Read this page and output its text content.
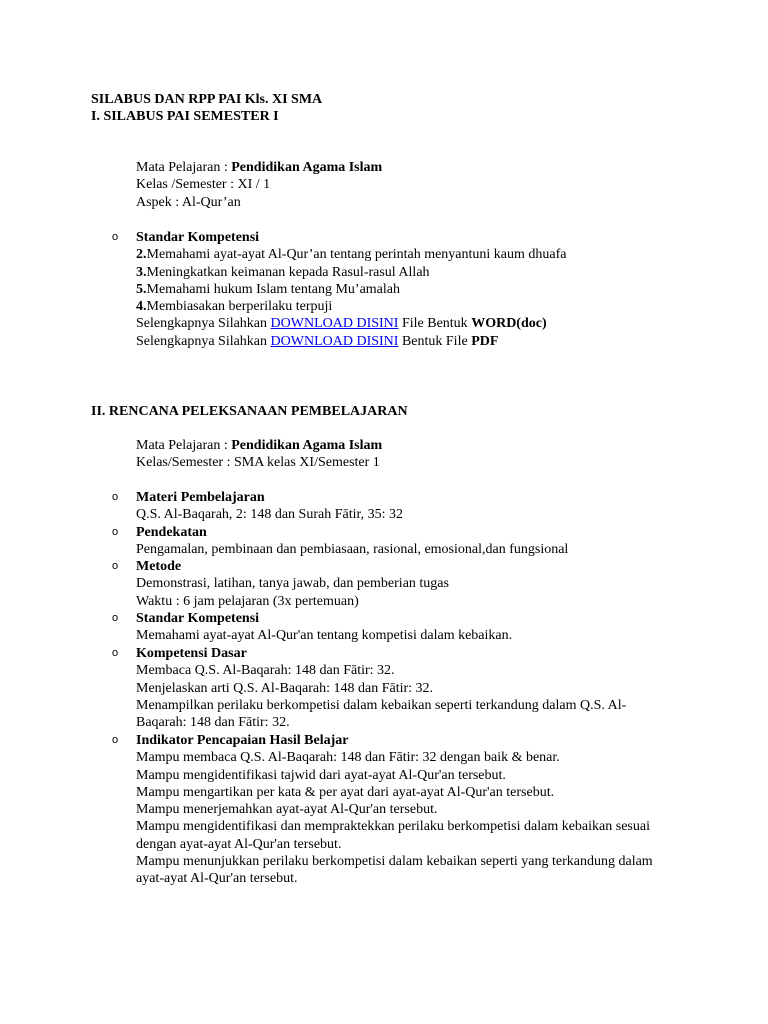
SILABUS DAN RPP PAI Kls. XI SMA
I. SILABUS PAI SEMESTER I
Mata Pelajaran : Pendidikan Agama Islam
Kelas /Semester : XI / 1
Aspek : Al-Qur’an
o Standar Kompetensi
2.Memahami ayat-ayat Al-Qur’an tentang perintah menyantuni kaum dhuafa
3.Meningkatkan keimanan kepada Rasul-rasul Allah
5.Memahami hukum Islam tentang Mu’amalah
4.Membiasakan berperilaku terpuji
Selengkapnya Silahkan DOWNLOAD DISINI File Bentuk WORD(doc)
Selengkapnya Silahkan DOWNLOAD DISINI Bentuk File PDF
II. RENCANA PELEKSANAAN PEMBELAJARAN
Mata Pelajaran : Pendidikan Agama Islam
Kelas/Semester : SMA kelas XI/Semester 1
o Materi Pembelajaran
Q.S. Al-Baqarah, 2: 148 dan Surah Fātir, 35: 32
o Pendekatan
Pengamalan, pembinaan dan pembiasaan, rasional, emosional,dan fungsional
o Metode
Demonstrasi, latihan, tanya jawab, dan pemberian tugas
Waktu : 6 jam pelajaran (3x pertemuan)
o Standar Kompetensi
Memahami ayat-ayat Al-Qur'an tentang kompetisi dalam kebaikan.
o Kompetensi Dasar
Membaca Q.S. Al-Baqarah: 148 dan Fātir: 32.
Menjelaskan arti Q.S. Al-Baqarah: 148 dan Fātir: 32.
Menampilkan perilaku berkompetisi dalam kebaikan seperti terkandung dalam Q.S. Al-Baqarah: 148 dan Fātir: 32.
o Indikator Pencapaian Hasil Belajar
Mampu membaca Q.S. Al-Baqarah: 148 dan Fātir: 32 dengan baik & benar.
Mampu mengidentifikasi tajwid dari ayat-ayat Al-Qur'an tersebut.
Mampu mengartikan per kata & per ayat dari ayat-ayat Al-Qur'an tersebut.
Mampu menerjemahkan ayat-ayat Al-Qur'an tersebut.
Mampu mengidentifikasi dan mempraktekkan perilaku berkompetisi dalam kebaikan sesuai dengan ayat-ayat Al-Qur'an tersebut.
Mampu menunjukkan perilaku berkompetisi dalam kebaikan seperti yang terkandung dalam ayat-ayat Al-Qur'an tersebut.
